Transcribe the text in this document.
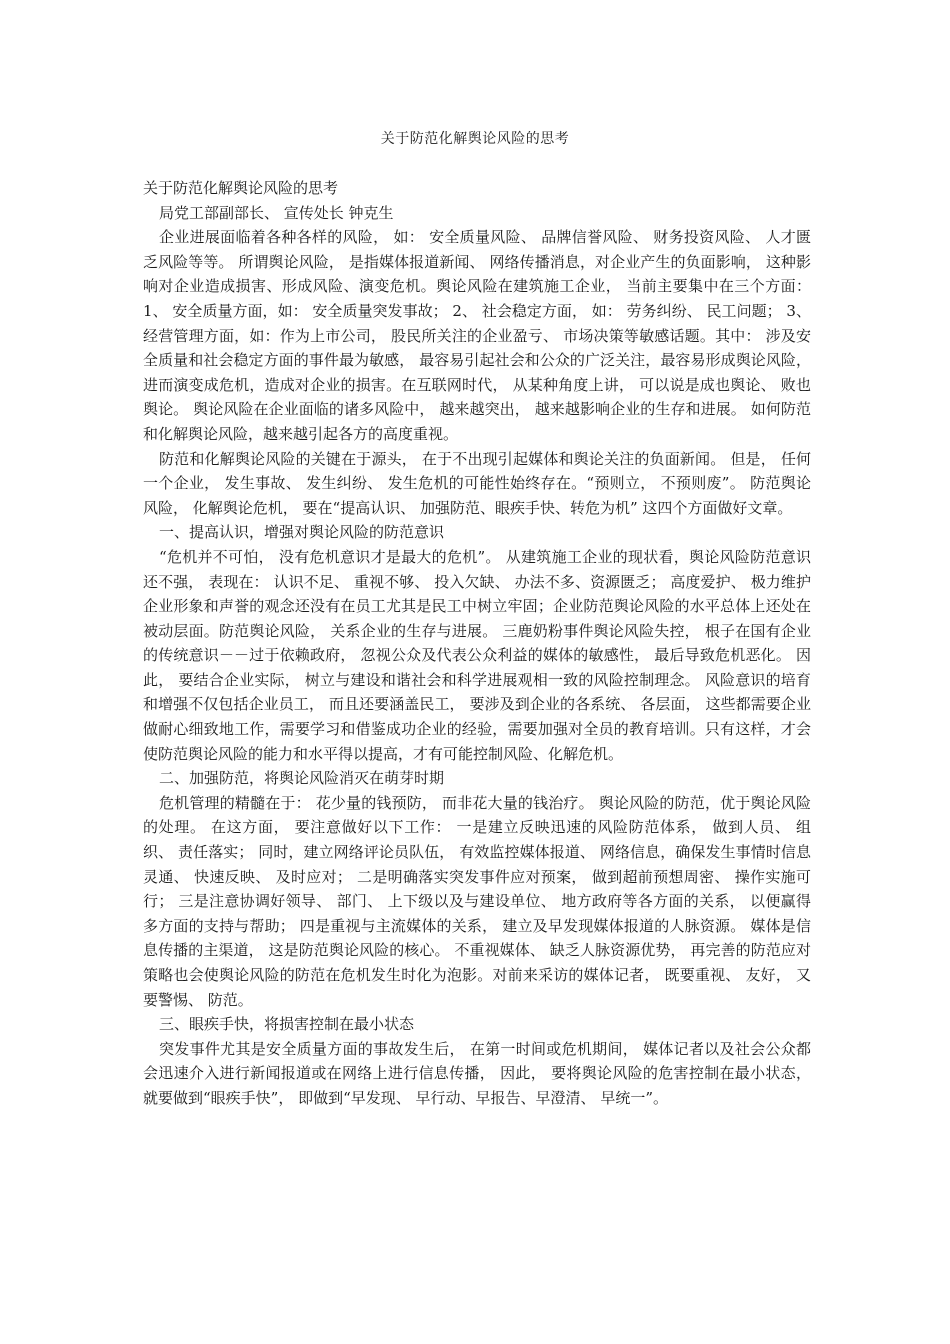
关于防范化解舆论风险的思考
关于防范化解舆论风险的思考
局党工部副部长、 宣传处长 钟克生

企业进展面临着各种各样的风险， 如： 安全质量风险、 品牌信誉风险、 财务投资风险、 人才匮乏风险等等。 所谓舆论风险， 是指媒体报道新闻、 网络传播消息，对企业产生的负面影响， 这种影响对企业造成损害、形成风险、演变危机。舆论风险在建筑施工企业， 当前主要集中在三个方面： 1、 安全质量方面，如： 安全质量突发事故； 2、 社会稳定方面， 如： 劳务纠纷、 民工问题； 3、 经营管理方面，如：作为上市公司， 股民所关注的企业盈亏、 市场决策等敏感话题。其中： 涉及安全质量和社会稳定方面的事件最为敏感， 最容易引起社会和公众的广泛关注，最容易形成舆论风险， 进而演变成危机，造成对企业的损害。在互联网时代， 从某种角度上讲， 可以说是成也舆论、 败也舆论。 舆论风险在企业面临的诸多风险中， 越来越突出， 越来越影响企业的生存和进展。 如何防范和化解舆论风险，越来越引起各方的高度重视。

防范和化解舆论风险的关键在于源头， 在于不出现引起媒体和舆论关注的负面新闻。 但是， 任何一个企业， 发生事故、 发生纠纷、 发生危机的可能性始终存在。“预则立， 不预则废”。 防范舆论风险， 化解舆论危机， 要在“提高认识、 加强防范、眼疾手快、转危为机” 这四个方面做好文章。

一、提高认识，增强对舆论风险的防范意识

“危机并不可怕， 没有危机意识才是最大的危机”。 从建筑施工企业的现状看，舆论风险防范意识还不强， 表现在： 认识不足、 重视不够、 投入欠缺、 办法不多、资源匮乏； 高度爱护、 极力维护企业形象和声誉的观念还没有在员工尤其是民工中树立牢固；企业防范舆论风险的水平总体上还处在被动层面。防范舆论风险， 关系企业的生存与进展。 三鹿奶粉事件舆论风险失控， 根子在国有企业的传统意识－－过于依赖政府， 忽视公众及代表公众利益的媒体的敏感性， 最后导致危机恶化。 因此， 要结合企业实际， 树立与建设和谐社会和科学进展观相一致的风险控制理念。 风险意识的培育和增强不仅包括企业员工， 而且还要涵盖民工， 要涉及到企业的各系统、 各层面， 这些都需要企业做耐心细致地工作，需要学习和借鉴成功企业的经验，需要加强对全员的教育培训。只有这样，才会使防范舆论风险的能力和水平得以提高，才有可能控制风险、化解危机。

二、加强防范，将舆论风险消灭在萌芽时期

危机管理的精髓在于： 花少量的钱预防， 而非花大量的钱治疗。 舆论风险的防范，优于舆论风险的处理。 在这方面， 要注意做好以下工作： 一是建立反映迅速的风险防范体系， 做到人员、 组织、 责任落实； 同时，建立网络评论员队伍， 有效监控媒体报道、 网络信息，确保发生事情时信息灵通、 快速反映、 及时应对； 二是明确落实突发事件应对预案， 做到超前预想周密、 操作实施可行； 三是注意协调好领导、 部门、 上下级以及与建设单位、 地方政府等各方面的关系， 以便赢得多方面的支持与帮助； 四是重视与主流媒体的关系， 建立及早发现媒体报道的人脉资源。 媒体是信息传播的主渠道， 这是防范舆论风险的核心。 不重视媒体、 缺乏人脉资源优势， 再完善的防范应对策略也会使舆论风险的防范在危机发生时化为泡影。对前来采访的媒体记者， 既要重视、 友好， 又要警惕、 防范。

三、眼疾手快，将损害控制在最小状态

突发事件尤其是安全质量方面的事故发生后， 在第一时间或危机期间， 媒体记者以及社会公众都会迅速介入进行新闻报道或在网络上进行信息传播， 因此， 要将舆论风险的危害控制在最小状态， 就要做到“眼疾手快”， 即做到“早发现、 早行动、早报告、早澄清、 早统一”。
